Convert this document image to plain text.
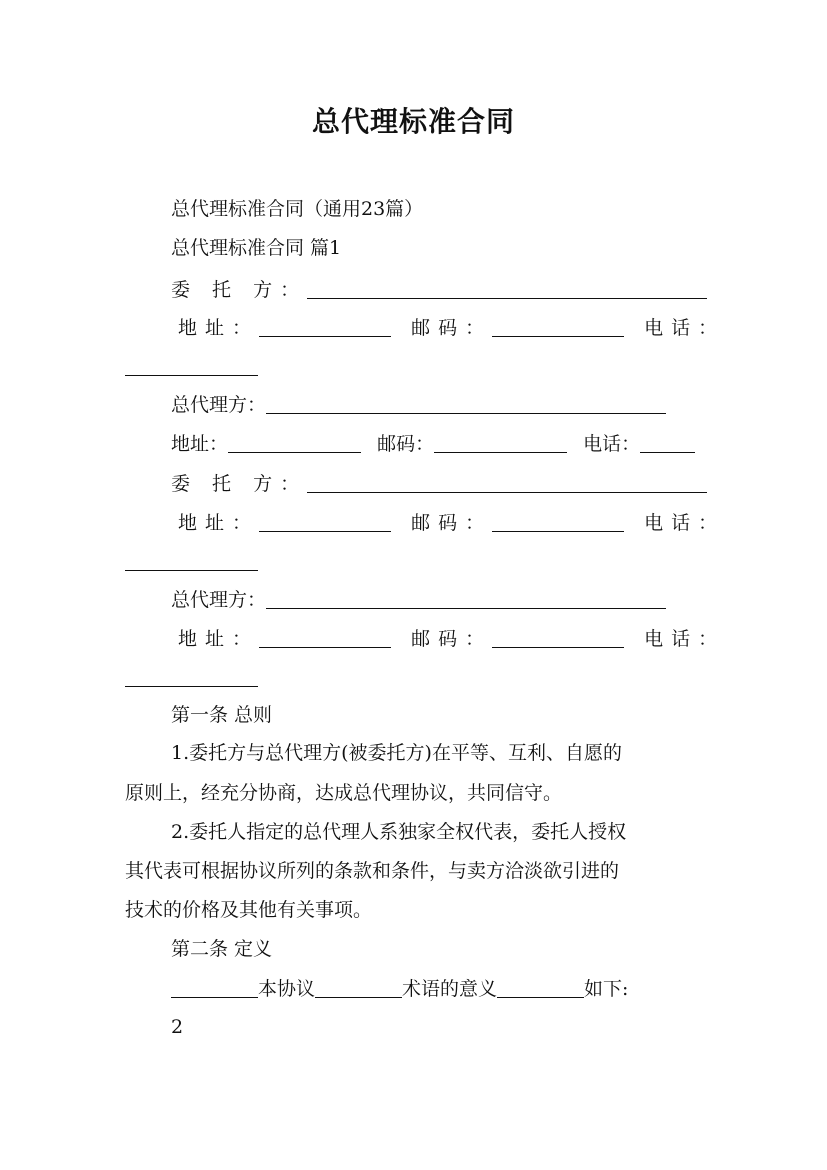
总代理标准合同
总代理标准合同（通用23篇）
总代理标准合同 篇1
委 托 方：
地址：	邮码：	电话：
总代理方：
地址：	邮码：	电话：
委 托 方：
地址：	邮码：	电话：
总代理方：
地址：	邮码：	电话：
第一条 总则
1.委托方与总代理方(被委托方)在平等、互利、自愿的
原则上，经充分协商，达成总代理协议，共同信守。
2.委托人指定的总代理人系独家全权代表，委托人授权
其代表可根据协议所列的条款和条件，与卖方洽淡欲引进的
技术的价格及其他有关事项。
第二条 定义
本协议	术语的意义	如下:
2
